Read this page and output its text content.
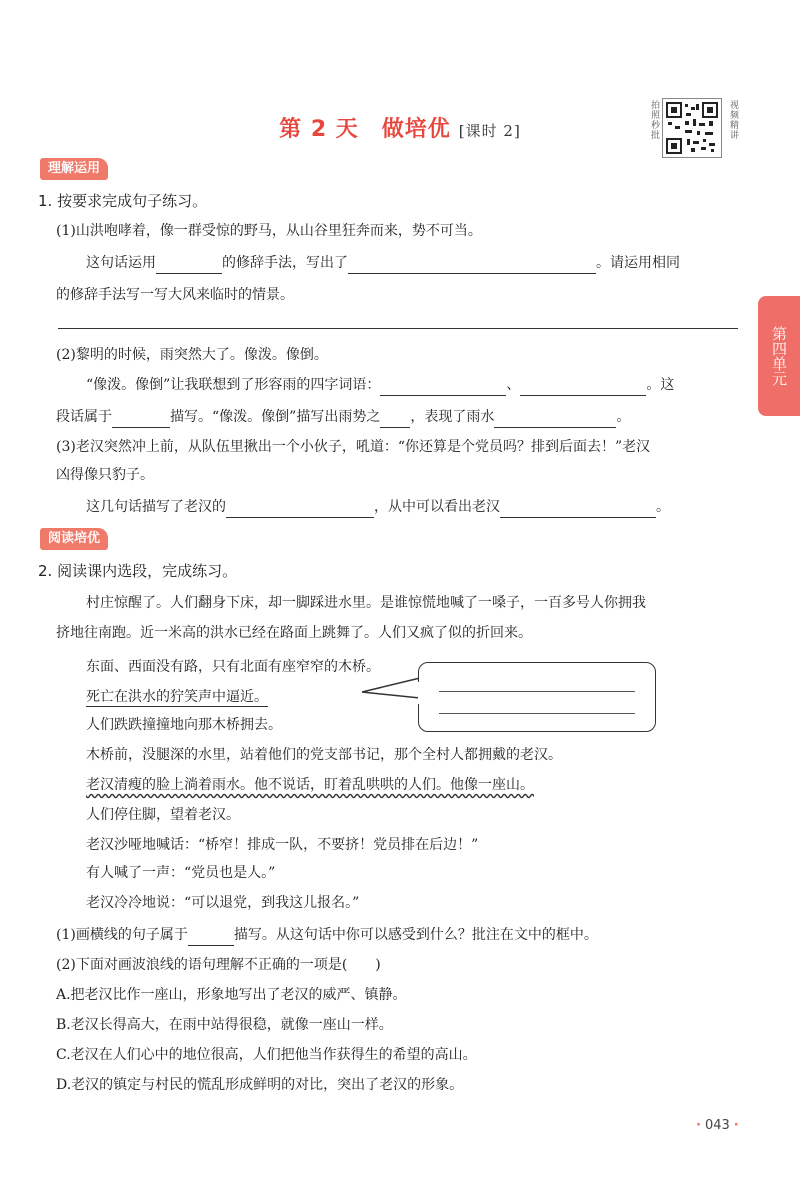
第 2 天　做培优 [课时 2]	拍照秒批	视频精讲
第四单元
理解运用
1. 按要求完成句子练习。
(1)山洪咆哮着，像一群受惊的野马，从山谷里狂奔而来，势不可当。
这句话运用	的修辞手法，写出了	。请运用相同
的修辞手法写一写大风来临时的情景。
(2)黎明的时候，雨突然大了。像泼。像倒。
“像泼。像倒”让我联想到了形容雨的四字词语：	、	。这
段话属于	描写。“像泼。像倒”描写出雨势之 ，表现了雨水	。
(3)老汉突然冲上前，从队伍里揪出一个小伙子，吼道：“你还算是个党员吗？排到后面去！”老汉
凶得像只豹子。
这几句话描写了老汉的	，从中可以看出老汉	。
阅读培优
2. 阅读课内选段，完成练习。
村庄惊醒了。人们翻身下床，却一脚踩进水里。是谁惊慌地喊了一嗓子，一百多号人你拥我
挤地往南跑。近一米高的洪水已经在路面上跳舞了。人们又疯了似的折回来。
东面、西面没有路，只有北面有座窄窄的木桥。
死亡在洪水的狞笑声中逼近。
人们跌跌撞撞地向那木桥拥去。
木桥前，没腿深的水里，站着他们的党支部书记，那个全村人都拥戴的老汉。
老汉清瘦的脸上淌着雨水。他不说话，盯着乱哄哄的人们。他像一座山。
人们停住脚，望着老汉。
老汉沙哑地喊话：“桥窄！排成一队，不要挤！党员排在后边！”
有人喊了一声：“党员也是人。”
老汉冷冷地说：“可以退党，到我这儿报名。”
(1)画横线的句子属于	描写。从这句话中你可以感受到什么？批注在文中的框中。
(2)下面对画波浪线的语句理解不正确的一项是( )
A.把老汉比作一座山，形象地写出了老汉的威严、镇静。
B.老汉长得高大，在雨中站得很稳，就像一座山一样。
C.老汉在人们心中的地位很高，人们把他当作获得生的希望的高山。
D.老汉的镇定与村民的慌乱形成鲜明的对比，突出了老汉的形象。
· 043 ·
